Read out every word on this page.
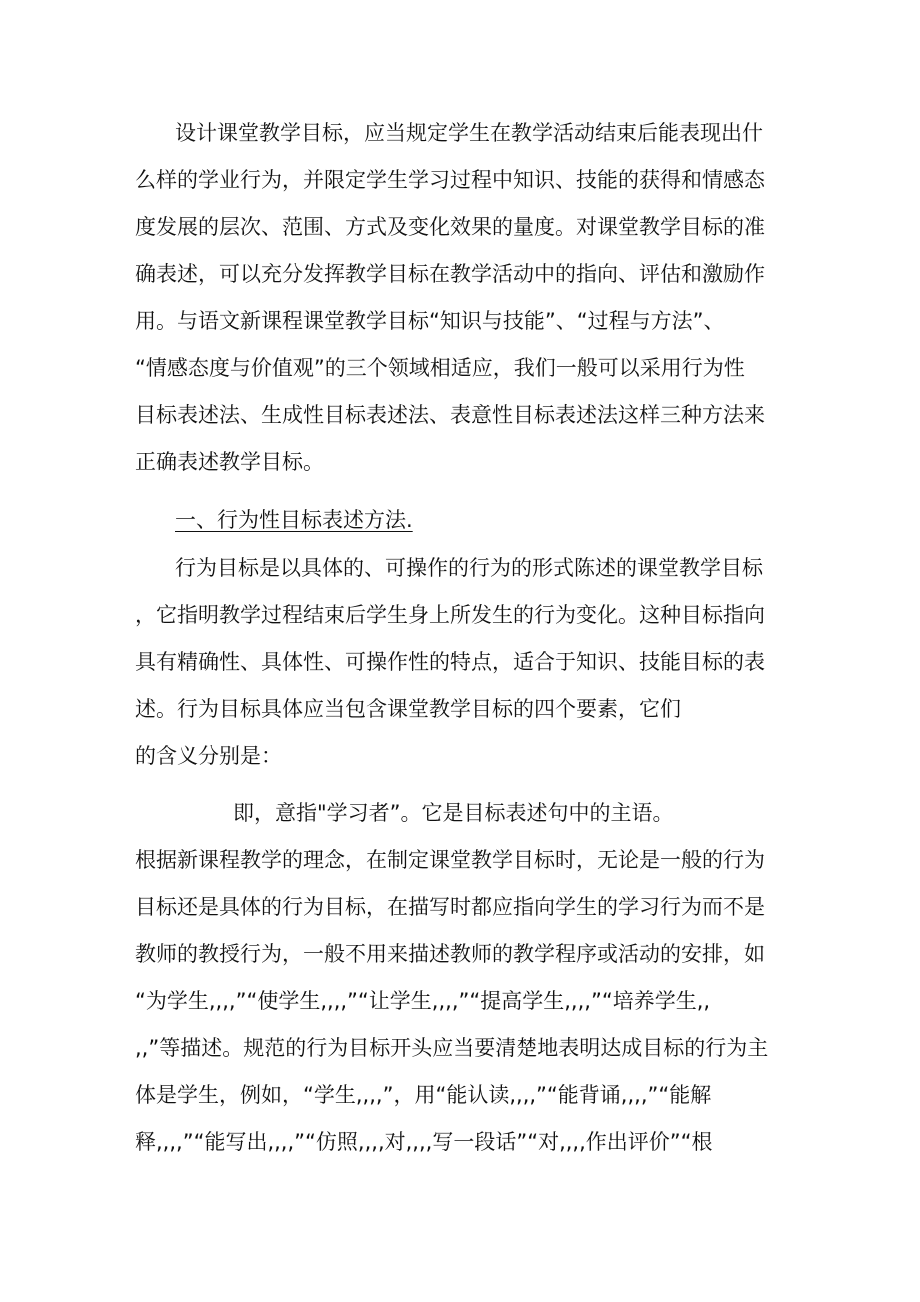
设计课堂教学目标，应当规定学生在教学活动结束后能表现出什
么样的学业行为，并限定学生学习过程中知识、技能的获得和情感态
度发展的层次、范围、方式及变化效果的量度。对课堂教学目标的准
确表述，可以充分发挥教学目标在教学活动中的指向、评估和激励作
用。与语文新课程课堂教学目标“知识与技能”、“过程与方法”、
“情感态度与价值观”的三个领域相适应，我们一般可以采用行为性
目标表述法、生成性目标表述法、表意性目标表述法这样三种方法来
正确表述教学目标。
一、行为性目标表述方法.
行为目标是以具体的、可操作的行为的形式陈述的课堂教学目标
，它指明教学过程结束后学生身上所发生的行为变化。这种目标指向
具有精确性、具体性、可操作性的特点，适合于知识、技能目标的表
述。行为目标具体应当包含课堂教学目标的四个要素，它们
的含义分别是：
即，意指"学习者”。它是目标表述句中的主语。
根据新课程教学的理念，在制定课堂教学目标时，无论是一般的行为
目标还是具体的行为目标，在描写时都应指向学生的学习行为而不是
教师的教授行为，一般不用来描述教师的教学程序或活动的安排，如
“为学生,,,,”“使学生,,,,”“让学生,,,,”“提高学生,,,,”“培养学生,,
,,”等描述。规范的行为目标开头应当要清楚地表明达成目标的行为主
体是学生，例如，“学生,,,,”，用“能认读,,,,”“能背诵,,,,”“能解
释,,,,”“能写出,,,,”“仿照,,,,对,,,,写一段话”“对,,,,作出评价”“根
